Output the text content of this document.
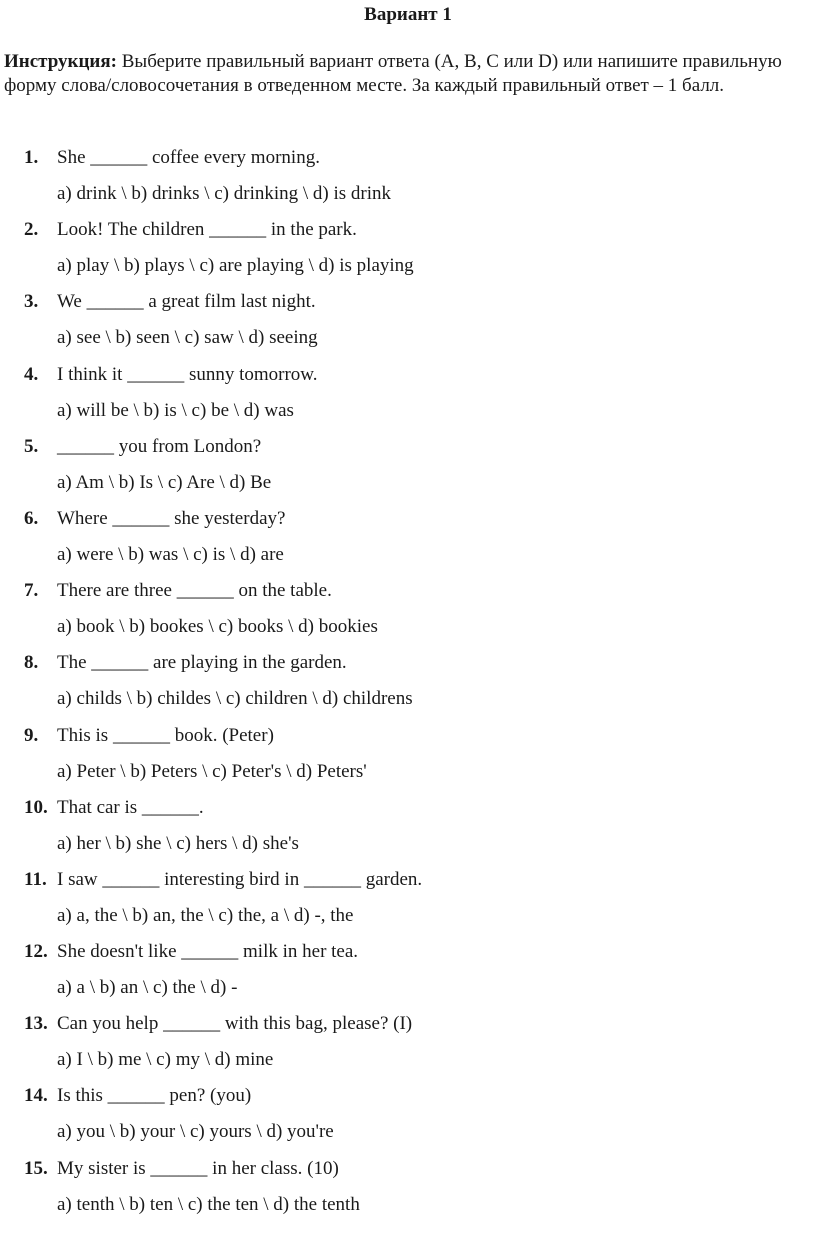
Вариант 1
Инструкция: Выберите правильный вариант ответа (A, B, C или D) или напишите правильную форму слова/словосочетания в отведенном месте. За каждый правильный ответ – 1 балл.
1. She ______ coffee every morning.
a) drink \ b) drinks \ c) drinking \ d) is drink
2. Look! The children ______ in the park.
a) play \ b) plays \ c) are playing \ d) is playing
3. We ______ a great film last night.
a) see \ b) seen \ c) saw \ d) seeing
4. I think it ______ sunny tomorrow.
a) will be \ b) is \ c) be \ d) was
5. ______ you from London?
a) Am \ b) Is \ c) Are \ d) Be
6. Where ______ she yesterday?
a) were \ b) was \ c) is \ d) are
7. There are three ______ on the table.
a) book \ b) bookes \ c) books \ d) bookies
8. The ______ are playing in the garden.
a) childs \ b) childes \ c) children \ d) childrens
9. This is ______ book. (Peter)
a) Peter \ b) Peters \ c) Peter's \ d) Peters'
10. That car is ______.
a) her \ b) she \ c) hers \ d) she's
11. I saw ______ interesting bird in ______ garden.
a) a, the \ b) an, the \ c) the, a \ d) -, the
12. She doesn't like ______ milk in her tea.
a) a \ b) an \ c) the \ d) -
13. Can you help ______ with this bag, please? (I)
a) I \ b) me \ c) my \ d) mine
14. Is this ______ pen? (you)
a) you \ b) your \ c) yours \ d) you're
15. My sister is ______ in her class. (10)
a) tenth \ b) ten \ c) the ten \ d) the tenth
